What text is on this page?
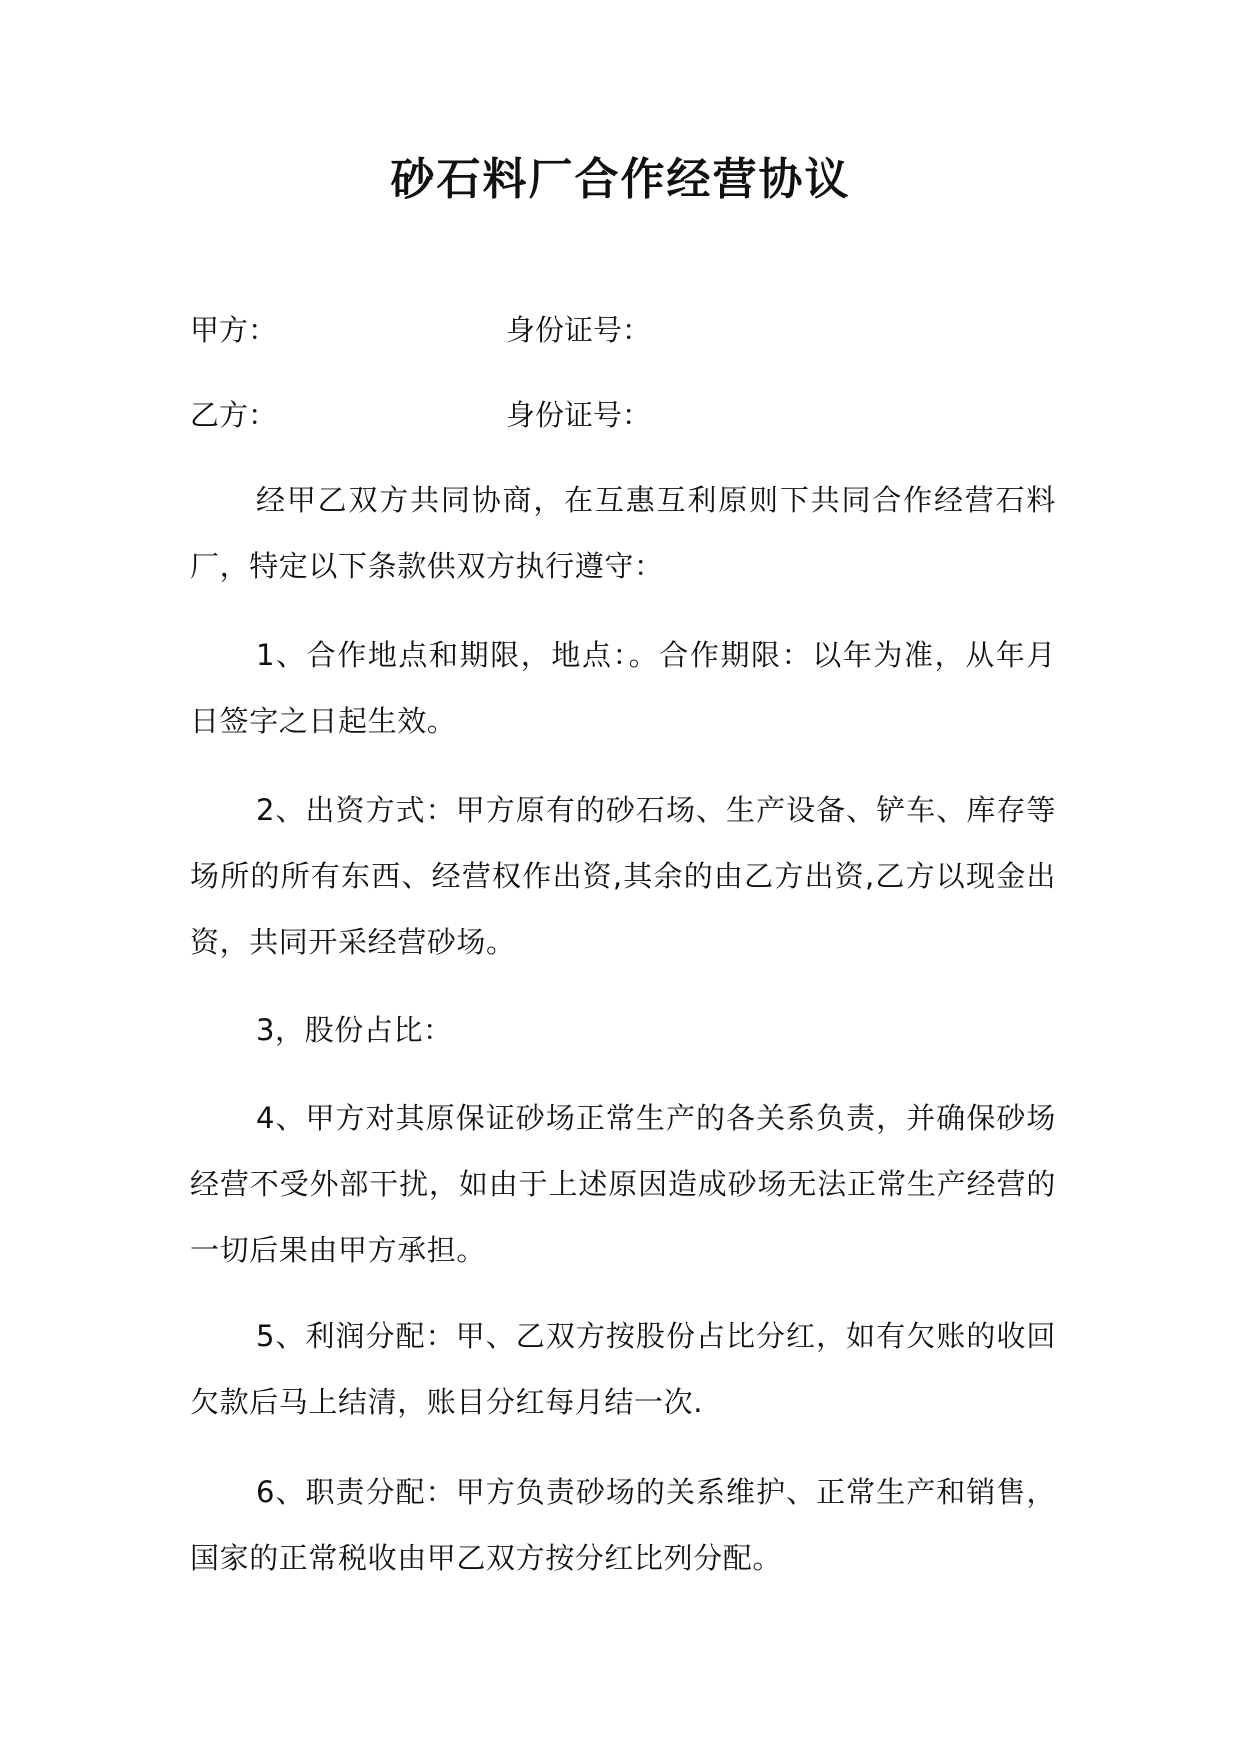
砂石料厂合作经营协议
甲方：	身份证号：
乙方：	身份证号：

经甲乙双方共同协商，在互惠互利原则下共同合作经营石料厂，特定以下条款供双方执行遵守：

1、合作地点和期限，地点：。合作期限：以年为准，从年月日签字之日起生效。

2、出资方式：甲方原有的砂石场、生产设备、铲车、库存等场所的所有东西、经营权作出资,其余的由乙方出资,乙方以现金出资，共同开采经营砂场。

3，股份占比：

4、甲方对其原保证砂场正常生产的各关系负责，并确保砂场经营不受外部干扰，如由于上述原因造成砂场无法正常生产经营的一切后果由甲方承担。

5、利润分配：甲、乙双方按股份占比分红，如有欠账的收回欠款后马上结清，账目分红每月结一次.

6、职责分配：甲方负责砂场的关系维护、正常生产和销售，国家的正常税收由甲乙双方按分红比列分配。
